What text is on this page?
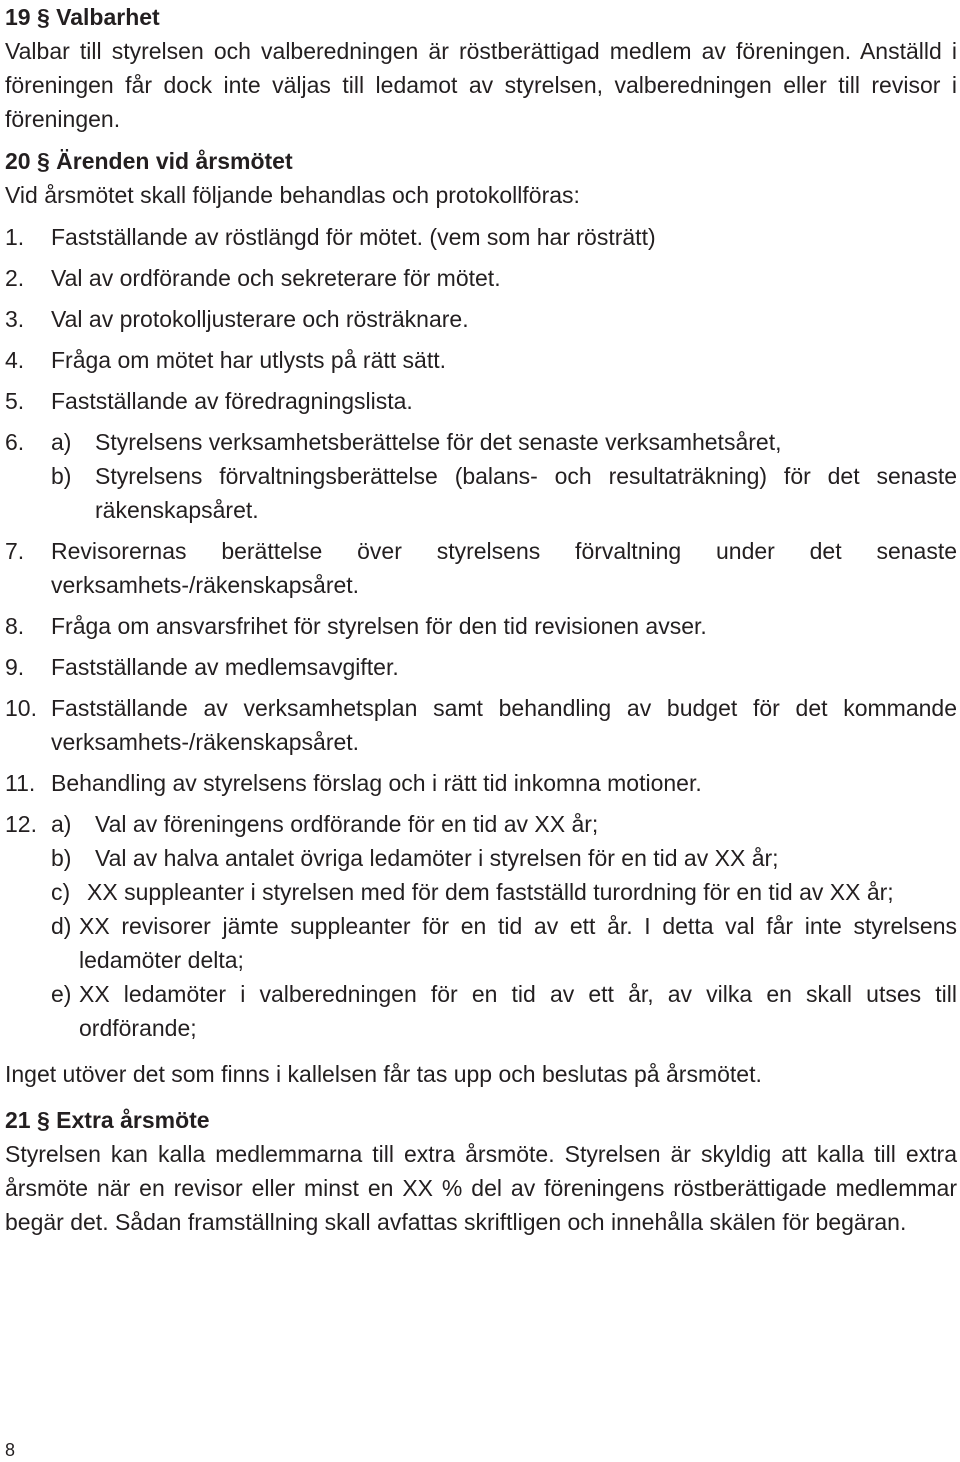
19 § Valbarhet

Valbar till styrelsen och valberedningen är röstberättigad medlem av föreningen. Anställd i föreningen får dock inte väljas till ledamot av styrelsen, valberedningen eller till revisor i föreningen.

20 § Ärenden vid årsmötet

Vid årsmötet skall följande behandlas och protokollföras:

1. Fastställande av röstlängd för mötet. (vem som har rösträtt)
2. Val av ordförande och sekreterare för mötet.
3. Val av protokolljusterare och rösträknare.
4. Fråga om mötet har utlysts på rätt sätt.
5. Fastställande av föredragningslista.
6. a) Styrelsens verksamhetsberättelse för det senaste verksamhetsåret,
b) Styrelsens förvaltningsberättelse (balans- och resultaträkning) för det senaste räkenskapsåret.
7. Revisorernas berättelse över styrelsens förvaltning under det senaste verksamhets-/räkenskapsåret.
8. Fråga om ansvarsfrihet för styrelsen för den tid revisionen avser.
9. Fastställande av medlemsavgifter.
10. Fastställande av verksamhetsplan samt behandling av budget för det kommande verksamhets-/räkenskapsåret.
11. Behandling av styrelsens förslag och i rätt tid inkomna motioner.
12. a) Val av föreningens ordförande för en tid av XX år;
b) Val av halva antalet övriga ledamöter i styrelsen för en tid av XX år;
c) XX suppleanter i styrelsen med för dem fastställd turordning för en tid av XX år;
d) XX revisorer jämte suppleanter för en tid av ett år. I detta val får inte styrelsens ledamöter delta;
e) XX ledamöter i valberedningen för en tid av ett år, av vilka en skall utses till ordförande;

Inget utöver det som finns i kallelsen får tas upp och beslutas på årsmötet.

21 § Extra årsmöte

Styrelsen kan kalla medlemmarna till extra årsmöte. Styrelsen är skyldig att kalla till extra årsmöte när en revisor eller minst en XX % del av föreningens röstberättigade medlemmar begär det. Sådan framställning skall avfattas skriftligen och innehålla skälen för begäran.

8
